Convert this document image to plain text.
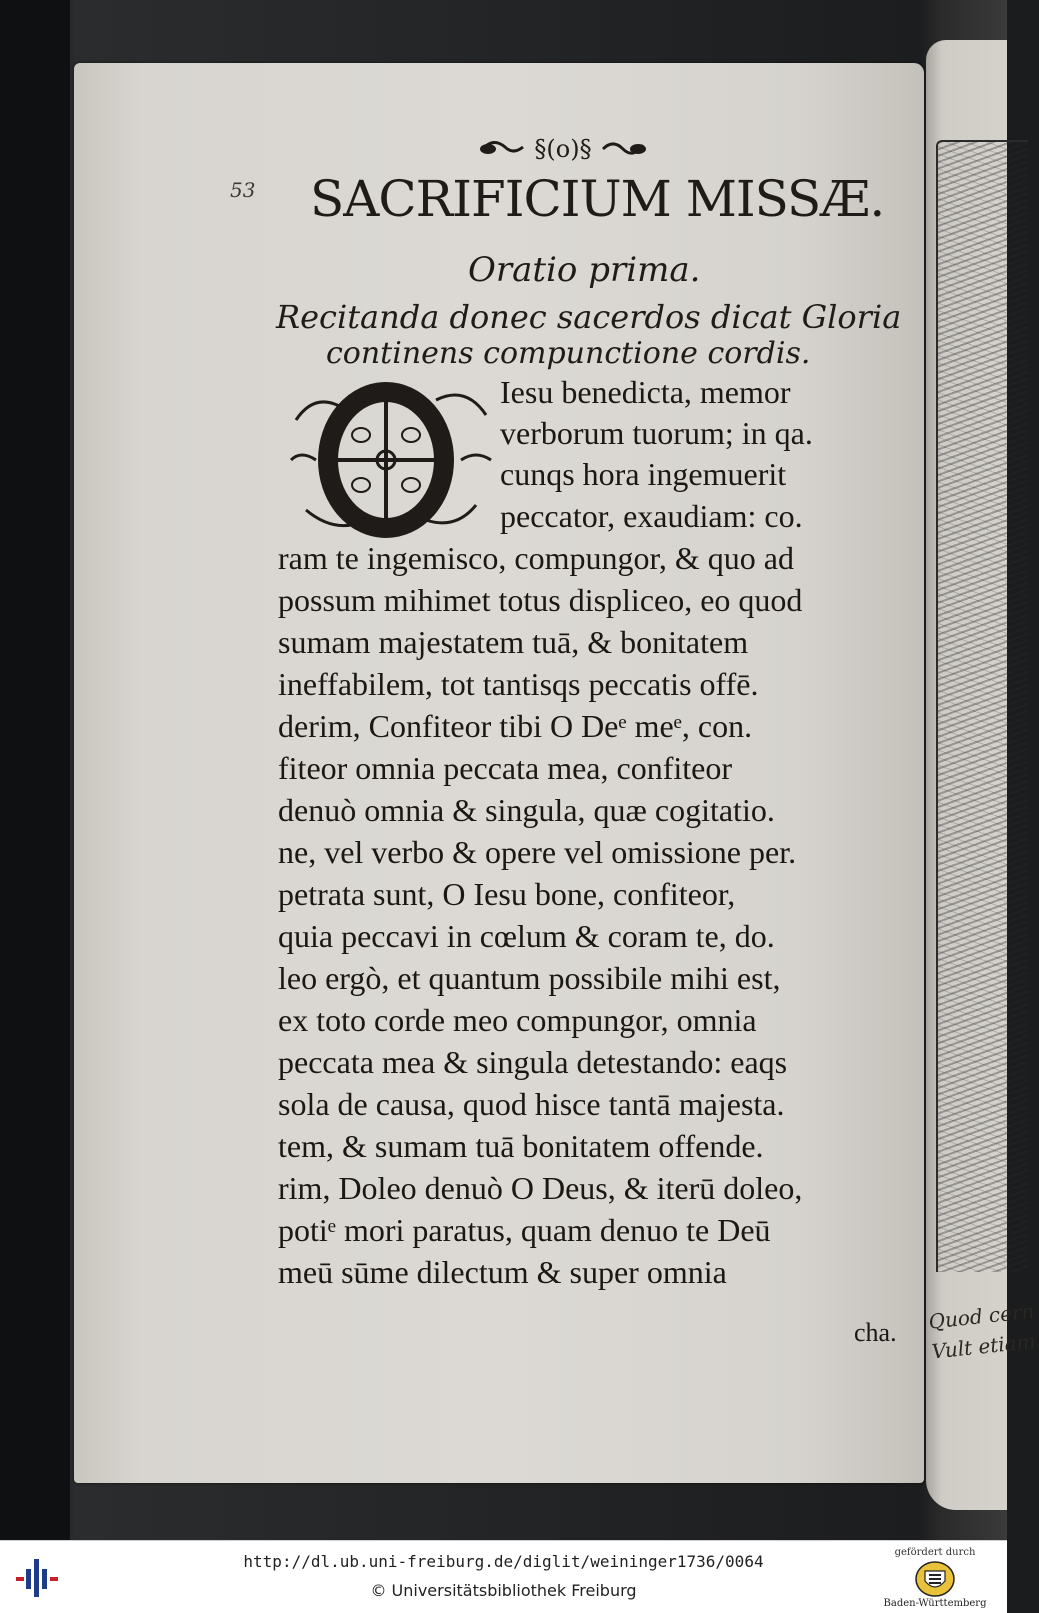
Quod cern
Vult etiam
§(o)§
53 SACRIFICIUM MISSÆ.
Oratio prima.
Recitanda donec sacerdos dicat Gloria
continens compunctione cordis.
O	Iesu benedicta, memor
verborum tuorum; in qa.
cunqs hora ingemuerit
peccator, exaudiam: co.
ram te ingemisco, compungor, & quo ad
possum mihimet totus displiceo, eo quod
sumam majestatem tuā, & bonitatem
ineffabilem, tot tantisqs peccatis offē.
derim, Confiteor tibi O Deᵉ meᵉ, con.
fiteor omnia peccata mea, confiteor
denuò omnia & singula, quæ cogitatio.
ne, vel verbo & opere vel omissione per.
petrata sunt, O Iesu bone, confiteor,
quia peccavi in cœlum & coram te, do.
leo ergò, et quantum possibile mihi est,
ex toto corde meo compungor, omnia
peccata mea & singula detestando: eaqs
sola de causa, quod hisce tantā majesta.
tem, & sumam tuā bonitatem offende.
rim, Doleo denuò O Deus, & iterū doleo,
potiᵉ mori paratus, quam denuo te Deū
meū sūme dilectum & super omnia
cha.
http://dl.ub.uni-freiburg.de/diglit/weininger1736/0064
© Universitätsbibliothek Freiburg
gefördert durch
Baden-Württemberg
